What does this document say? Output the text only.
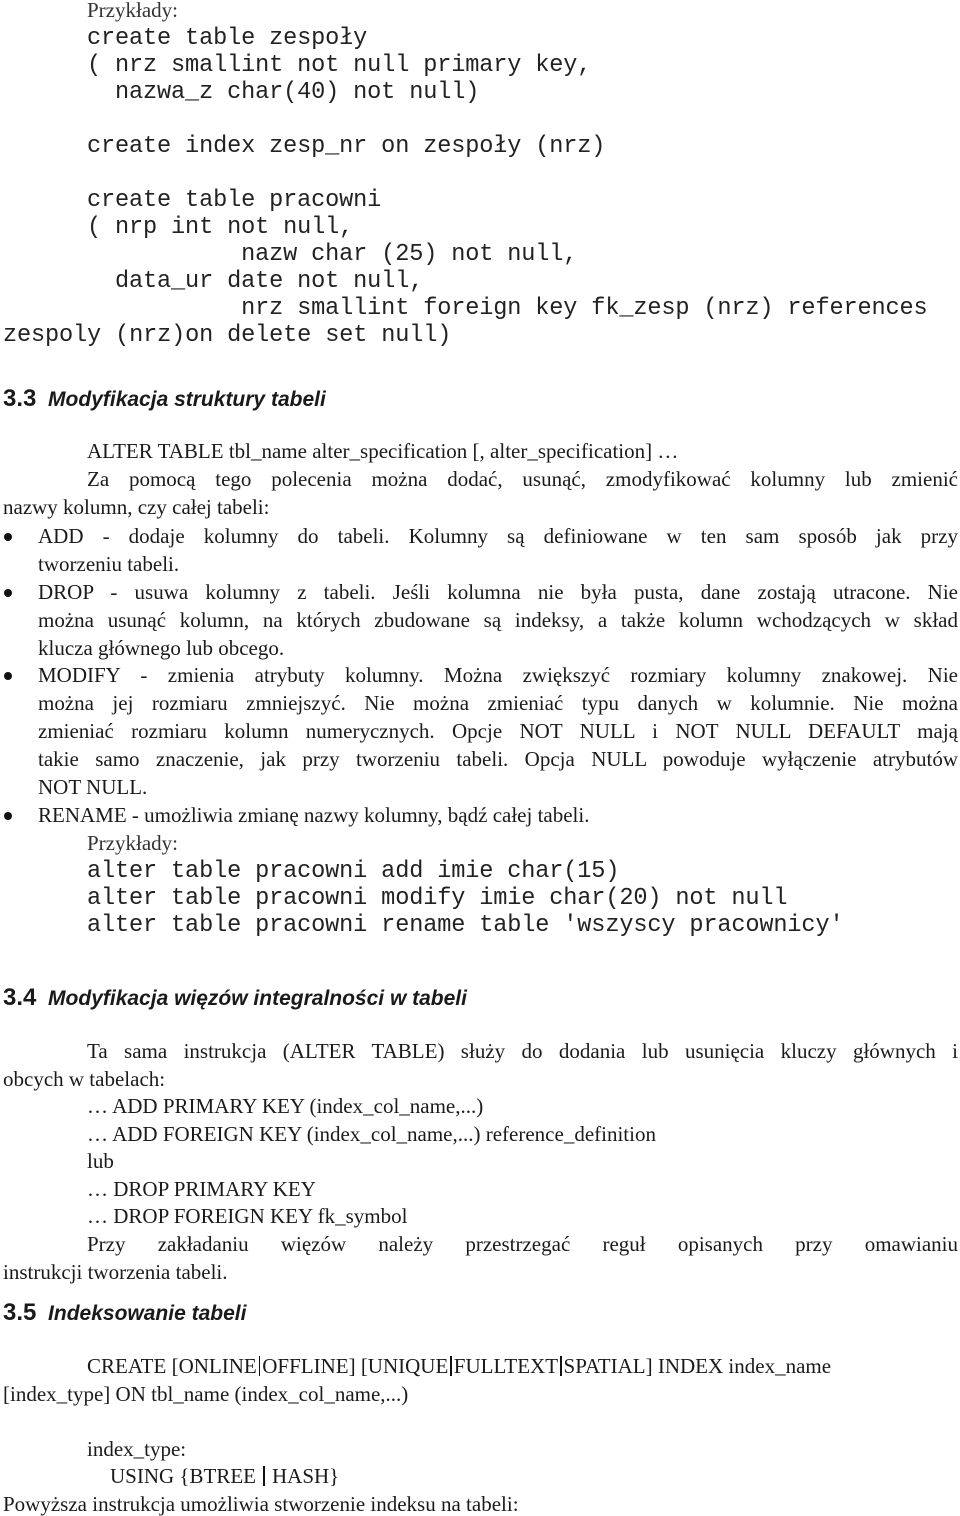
Przykłady:
create table zespoły
( nrz smallint not null primary key,
nazwa_z char(40) not null)
create index zesp_nr on zespoły (nrz)
create table pracowni
( nrp int not null,
nazw char (25) not null,
data_ur date not null,
nrz smallint foreign key fk_zesp (nrz) references
zespoly (nrz)on delete set null)
3.3 Modyfikacja struktury tabeli
ALTER TABLE tbl_name alter_specification [, alter_specification] …
Za pomocą tego polecenia można dodać, usunąć, zmodyfikować kolumny lub zmienić
nazwy kolumn, czy całej tabeli:
ADD - dodaje kolumny do tabeli. Kolumny są definiowane w ten sam sposób jak przy
tworzeniu tabeli.
DROP - usuwa kolumny z tabeli. Jeśli kolumna nie była pusta, dane zostają utracone. Nie
można usunąć kolumn, na których zbudowane są indeksy, a także kolumn wchodzących w skład
klucza głównego lub obcego.
MODIFY - zmienia atrybuty kolumny. Można zwiększyć rozmiary kolumny znakowej. Nie
można jej rozmiaru zmniejszyć. Nie można zmieniać typu danych w kolumnie. Nie można
zmieniać rozmiaru kolumn numerycznych. Opcje NOT NULL i NOT NULL DEFAULT mają
takie samo znaczenie, jak przy tworzeniu tabeli. Opcja NULL powoduje wyłączenie atrybutów
NOT NULL.
RENAME - umożliwia zmianę nazwy kolumny, bądź całej tabeli.
Przykłady:
alter table pracowni add imie char(15)
alter table pracowni modify imie char(20) not null
alter table pracowni rename table 'wszyscy pracownicy'
3.4 Modyfikacja więzów integralności w tabeli
Ta sama instrukcja (ALTER TABLE) służy do dodania lub usunięcia kluczy głównych i
obcych w tabelach:
… ADD PRIMARY KEY (index_col_name,...)
… ADD FOREIGN KEY (index_col_name,...) reference_definition
lub
… DROP PRIMARY KEY
… DROP FOREIGN KEY fk_symbol
Przy zakładaniu więzów należy przestrzegać reguł opisanych przy omawianiu
instrukcji tworzenia tabeli.
3.5 Indeksowanie tabeli
CREATE [ONLINE OFFLINE] [UNIQUE FULLTEXT SPATIAL] INDEX index_name
[index_type] ON tbl_name (index_col_name,...)
index_type:
USING {BTREE HASH}
Powyższa instrukcja umożliwia stworzenie indeksu na tabeli:
